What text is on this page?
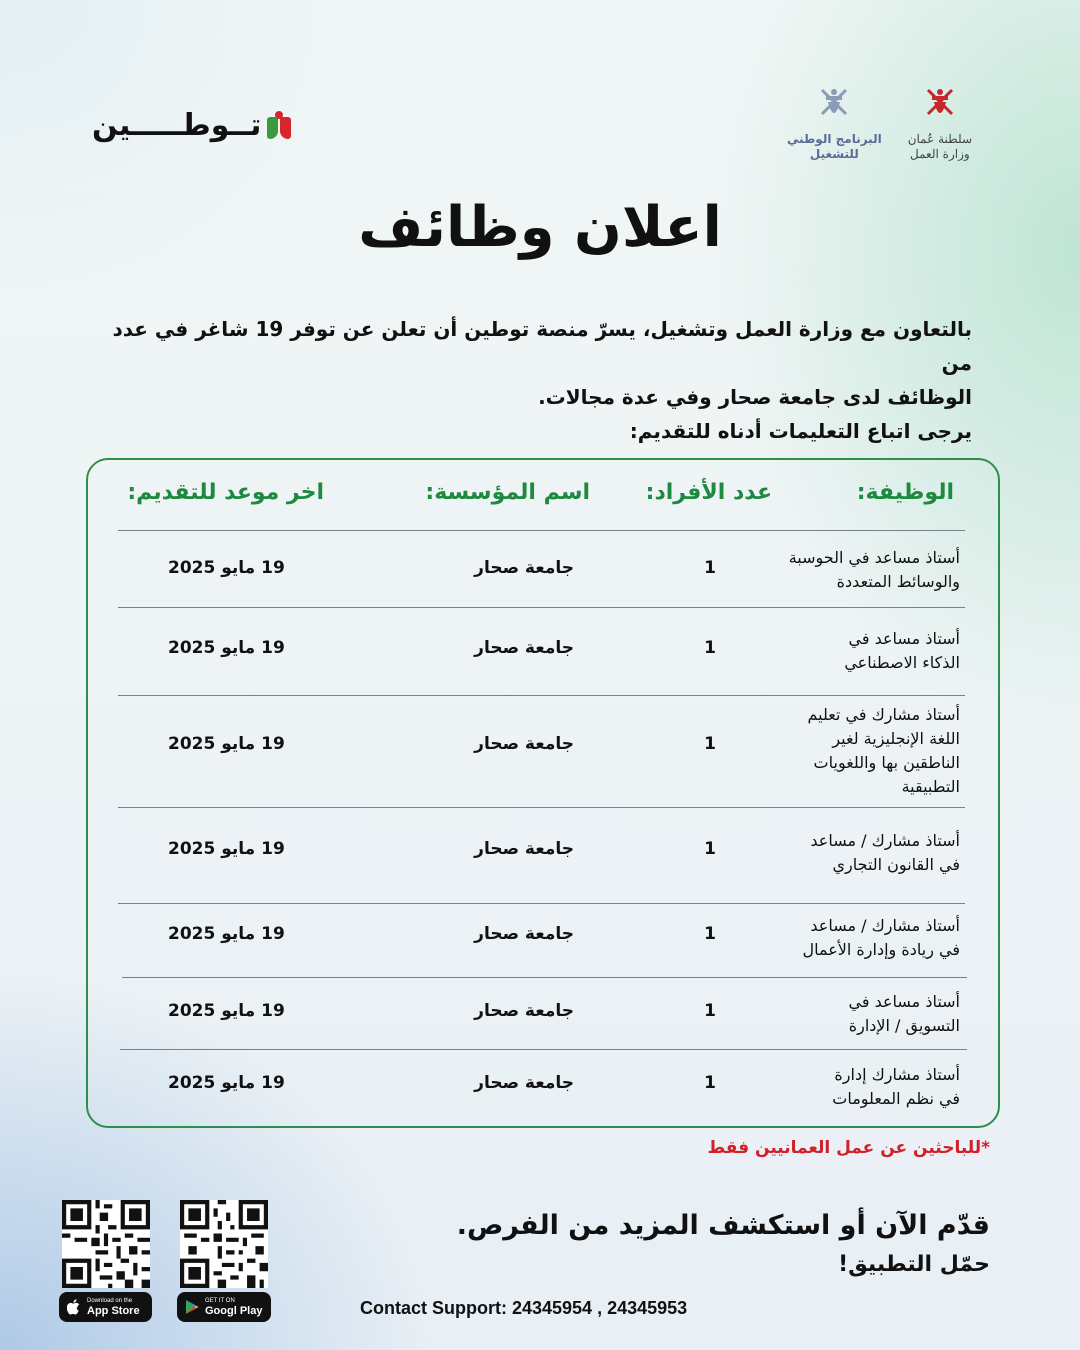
تــوطـــــين	البرنامج الوطني
للتشغيل
سلطنة عُمان
وزارة العمل
اعلان وظائف
بالتعاون مع وزارة العمل وتشغيل، يسرّ منصة توطين أن تعلن عن توفر 19 شاغر في عدد من
الوظائف لدى جامعة صحار وفي عدة مجالات.
يرجى اتباع التعليمات أدناه للتقديم:
الوظيفة:
عدد الأفراد:
اسم المؤسسة:
اخر موعد للتقديم:
أستاذ مساعد في الحوسبة
والوسائط المتعددة
1
جامعة صحار
19 مايو 2025
أستاذ مساعد في
الذكاء الاصطناعي
1
جامعة صحار
19 مايو 2025
أستاذ مشارك في تعليم
اللغة الإنجليزية لغير
الناطقين بها واللغويات
التطبيقية
1
جامعة صحار
19 مايو 2025
أستاذ مشارك / مساعد
في القانون التجاري
1
جامعة صحار
19 مايو 2025
أستاذ مشارك / مساعد
في ريادة وإدارة الأعمال
1
جامعة صحار
19 مايو 2025
أستاذ مساعد في
التسويق / الإدارة
1
جامعة صحار
19 مايو 2025
أستاذ مشارك إدارة
في نظم المعلومات
1
جامعة صحار
19 مايو 2025
*للباحثين عن عمل العمانيين فقط
Download on the
App Store
GET IT ON
Googl Play
قدّم الآن أو استكشف المزيد من الفرص.
حمّل التطبيق!
Contact Support: 24345954 , 24345953
